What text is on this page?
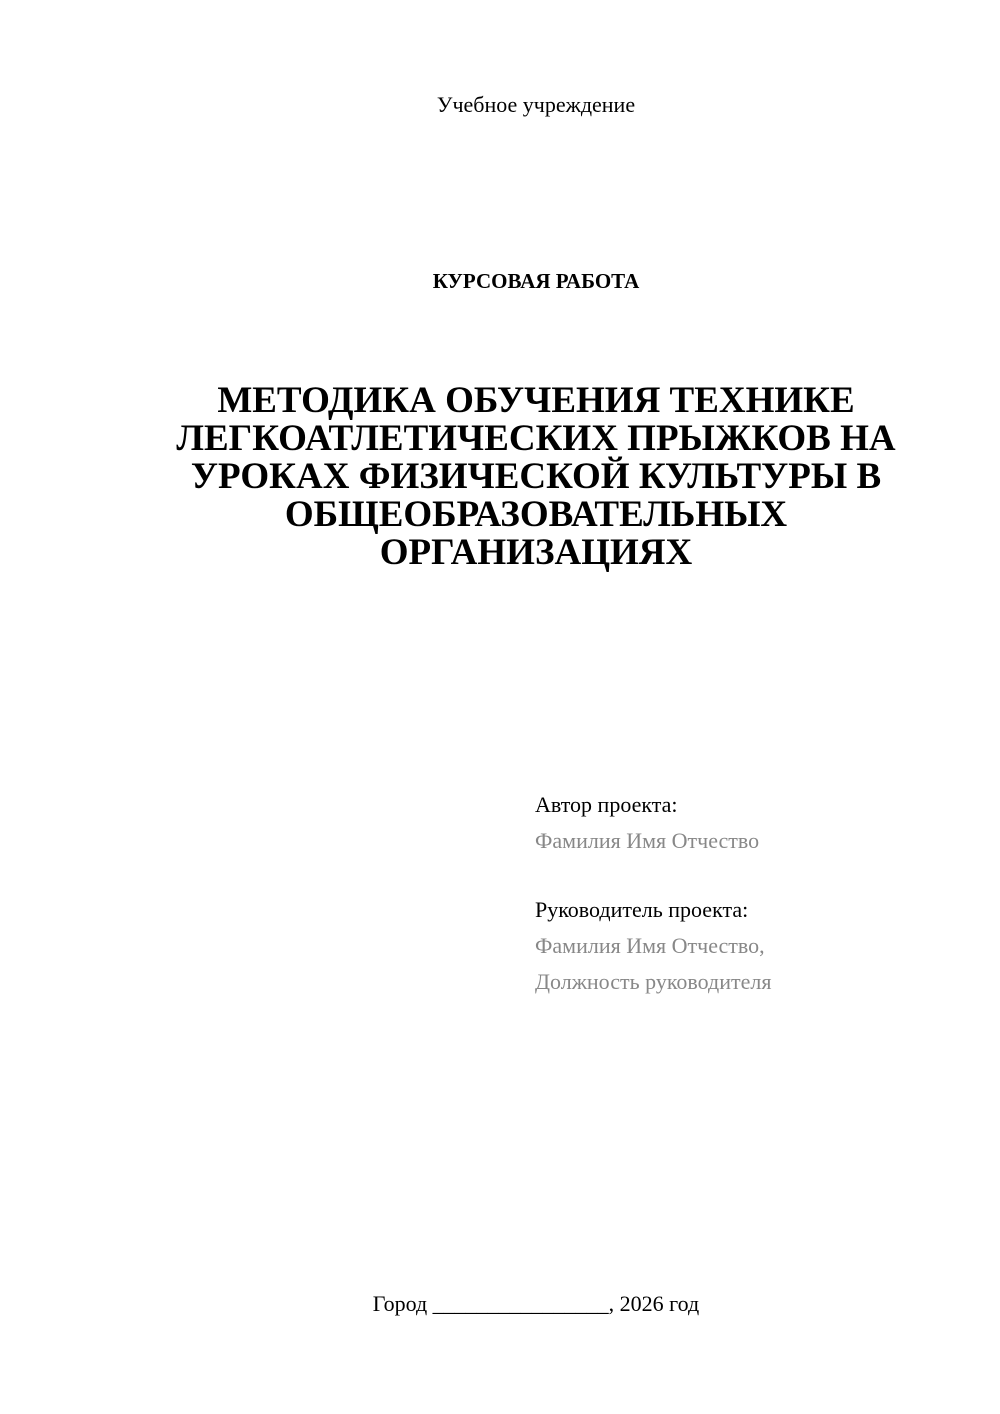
Учебное учреждение
КУРСОВАЯ РАБОТА
МЕТОДИКА ОБУЧЕНИЯ ТЕХНИКЕ
ЛЕГКОАТЛЕТИЧЕСКИХ ПРЫЖКОВ НА
УРОКАХ ФИЗИЧЕСКОЙ КУЛЬТУРЫ В
ОБЩЕОБРАЗОВАТЕЛЬНЫХ
ОРГАНИЗАЦИЯХ
Автор проекта:
Фамилия Имя Отчество
Руководитель проекта:
Фамилия Имя Отчество,
Должность руководителя
Город ________________, 2026 год
